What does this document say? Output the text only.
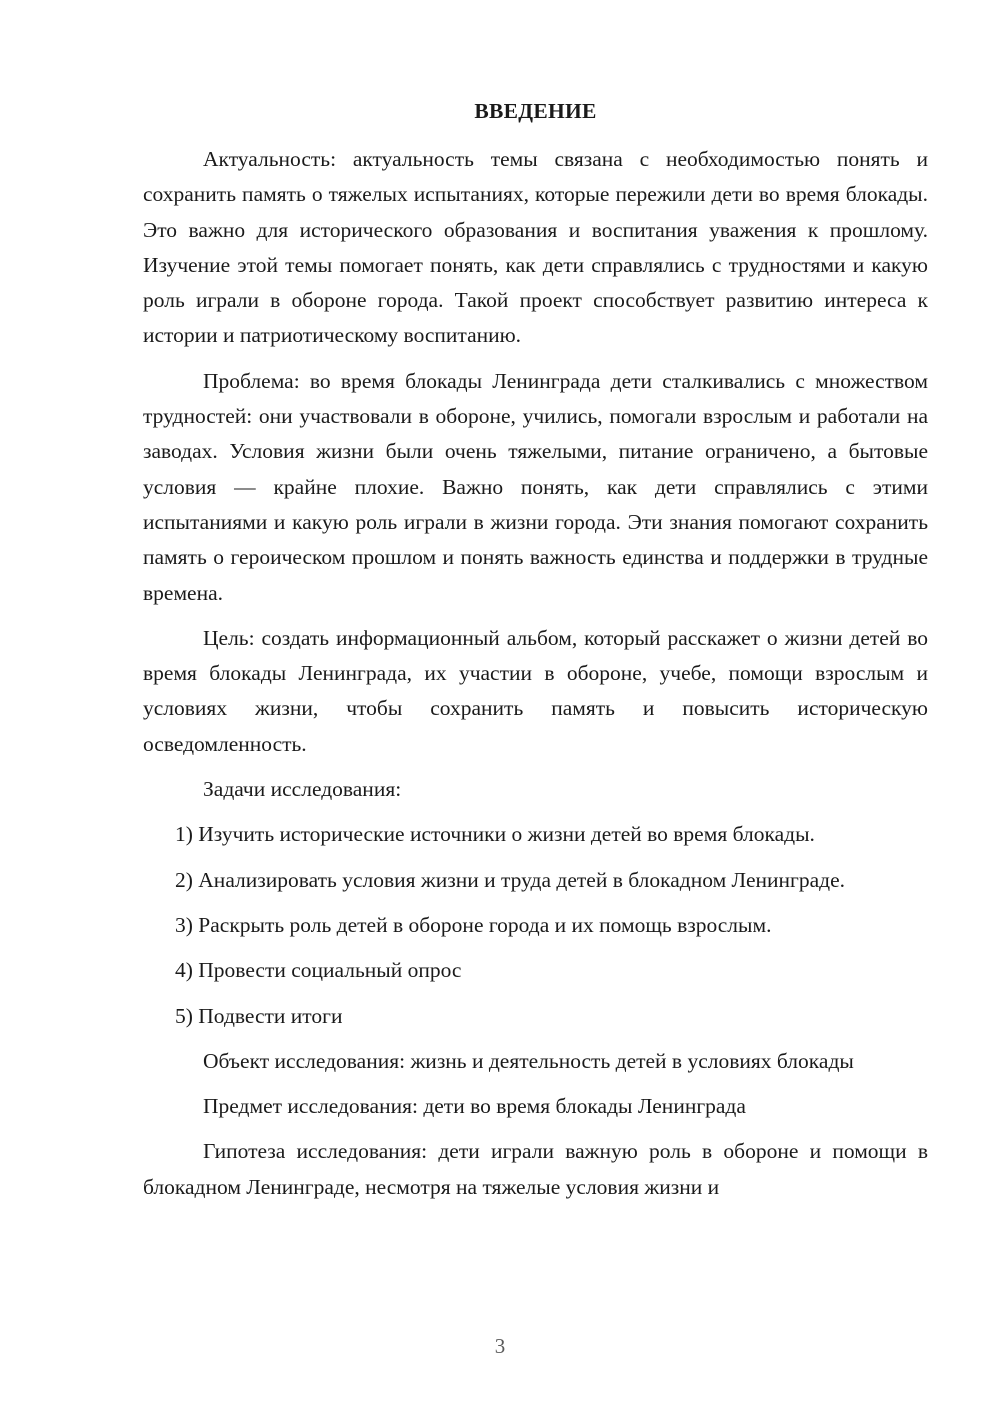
ВВЕДЕНИЕ

Актуальность: актуальность темы связана с необходимостью понять и сохранить память о тяжелых испытаниях, которые пережили дети во время блокады. Это важно для исторического образования и воспитания уважения к прошлому. Изучение этой темы помогает понять, как дети справлялись с трудностями и какую роль играли в обороне города. Такой проект способствует развитию интереса к истории и патриотическому воспитанию.

Проблема: во время блокады Ленинграда дети сталкивались с множеством трудностей: они участвовали в обороне, учились, помогали взрослым и работали на заводах. Условия жизни были очень тяжелыми, питание ограничено, а бытовые условия — крайне плохие. Важно понять, как дети справлялись с этими испытаниями и какую роль играли в жизни города. Эти знания помогают сохранить память о героическом прошлом и понять важность единства и поддержки в трудные времена.

Цель: создать информационный альбом, который расскажет о жизни детей во время блокады Ленинграда, их участии в обороне, учебе, помощи взрослым и условиях жизни, чтобы сохранить память и повысить историческую осведомленность.

Задачи исследования:

1) Изучить исторические источники о жизни детей во время блокады.

2) Анализировать условия жизни и труда детей в блокадном Ленинграде.

3) Раскрыть роль детей в обороне города и их помощь взрослым.

4) Провести социальный опрос

5) Подвести итоги

Объект исследования: жизнь и деятельность детей в условиях блокады

Предмет исследования: дети во время блокады Ленинграда

Гипотеза исследования: дети играли важную роль в обороне и помощи в блокадном Ленинграде, несмотря на тяжелые условия жизни и

3
